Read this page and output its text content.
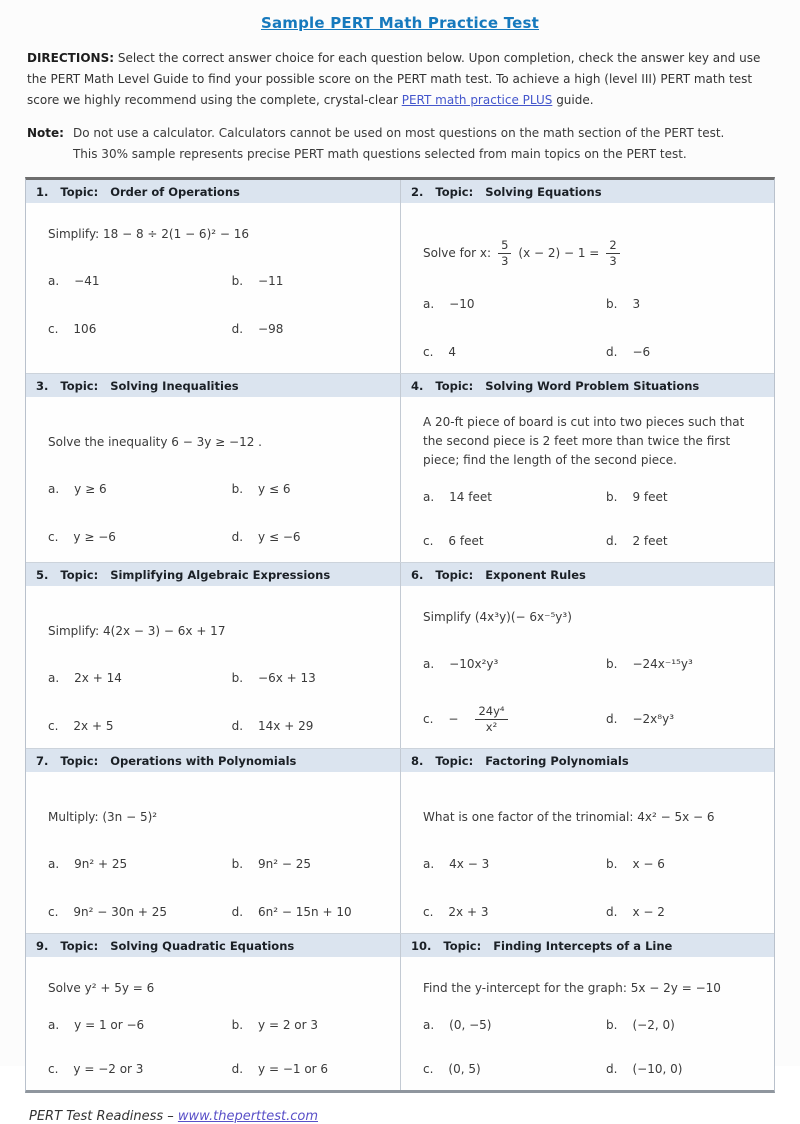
Sample PERT Math Practice Test

DIRECTIONS: Select the correct answer choice for each question below. Upon completion, check the answer key and use the PERT Math Level Guide to find your possible score on the PERT math test. To achieve a high (level III) PERT math test score we highly recommend using the complete, crystal-clear PERT math practice PLUS guide.

Note: Do not use a calculator. Calculators cannot be used on most questions on the math section of the PERT test.
This 30% sample represents precise PERT math questions selected from main topics on the PERT test.
1. Topic: Order of Operations
Simplify: 18 − 8 ÷ 2(1 − 6)² − 16
a. −41	b. −11
c. 106	d. −98
2. Topic: Solving Equations
Solve for x: $\frac{5}{3} (x - 2) - 1 = \frac{2}{3}$
a. −10	b. 3
c. 4	d. −6
3. Topic: Solving Inequalities
Solve the inequality 6 − 3y ≥ −12 .
a. y ≥ 6	b. y ≤ 6
c. y ≥ −6	d. y ≤ −6
4. Topic: Solving Word Problem Situations
A 20-ft piece of board is cut into two pieces such that the second piece is 2 feet more than twice the first piece; find the length of the second piece.
a. 14 feet	b. 9 feet
c. 6 feet	d. 2 feet
5. Topic: Simplifying Algebraic Expressions
Simplify: 4(2x − 3) − 6x + 17
a. 2x + 14	b. −6x + 13
c. 2x + 5	d. 14x + 29
6. Topic: Exponent Rules
Simplify (4x³y)(− 6x⁻⁵y³)
a. −10x²y³	b. −24x⁻¹⁵y³
c. − $\frac{\text{24y⁴}}{\text{x²}}$	d. −2x⁸y³
7. Topic: Operations with Polynomials
Multiply: (3n − 5)²
a. 9n² + 25	b. 9n² − 25
c. 9n² − 30n + 25	d. 6n² − 15n + 10
8. Topic: Factoring Polynomials
What is one factor of the trinomial: 4x² − 5x − 6
a. 4x − 3	b. x − 6
c. 2x + 3	d. x − 2
9. Topic: Solving Quadratic Equations
Solve y² + 5y = 6
a. y = 1 or −6	b. y = 2 or 3
c. y = −2 or 3	d. y = −1 or 6
10. Topic: Finding Intercepts of a Line
Find the y-intercept for the graph: 5x − 2y = −10
a. (0, −5)	b. (−2, 0)
c. (0, 5)	d. (−10, 0)

PERT Test Readiness – www.theperttest.com
